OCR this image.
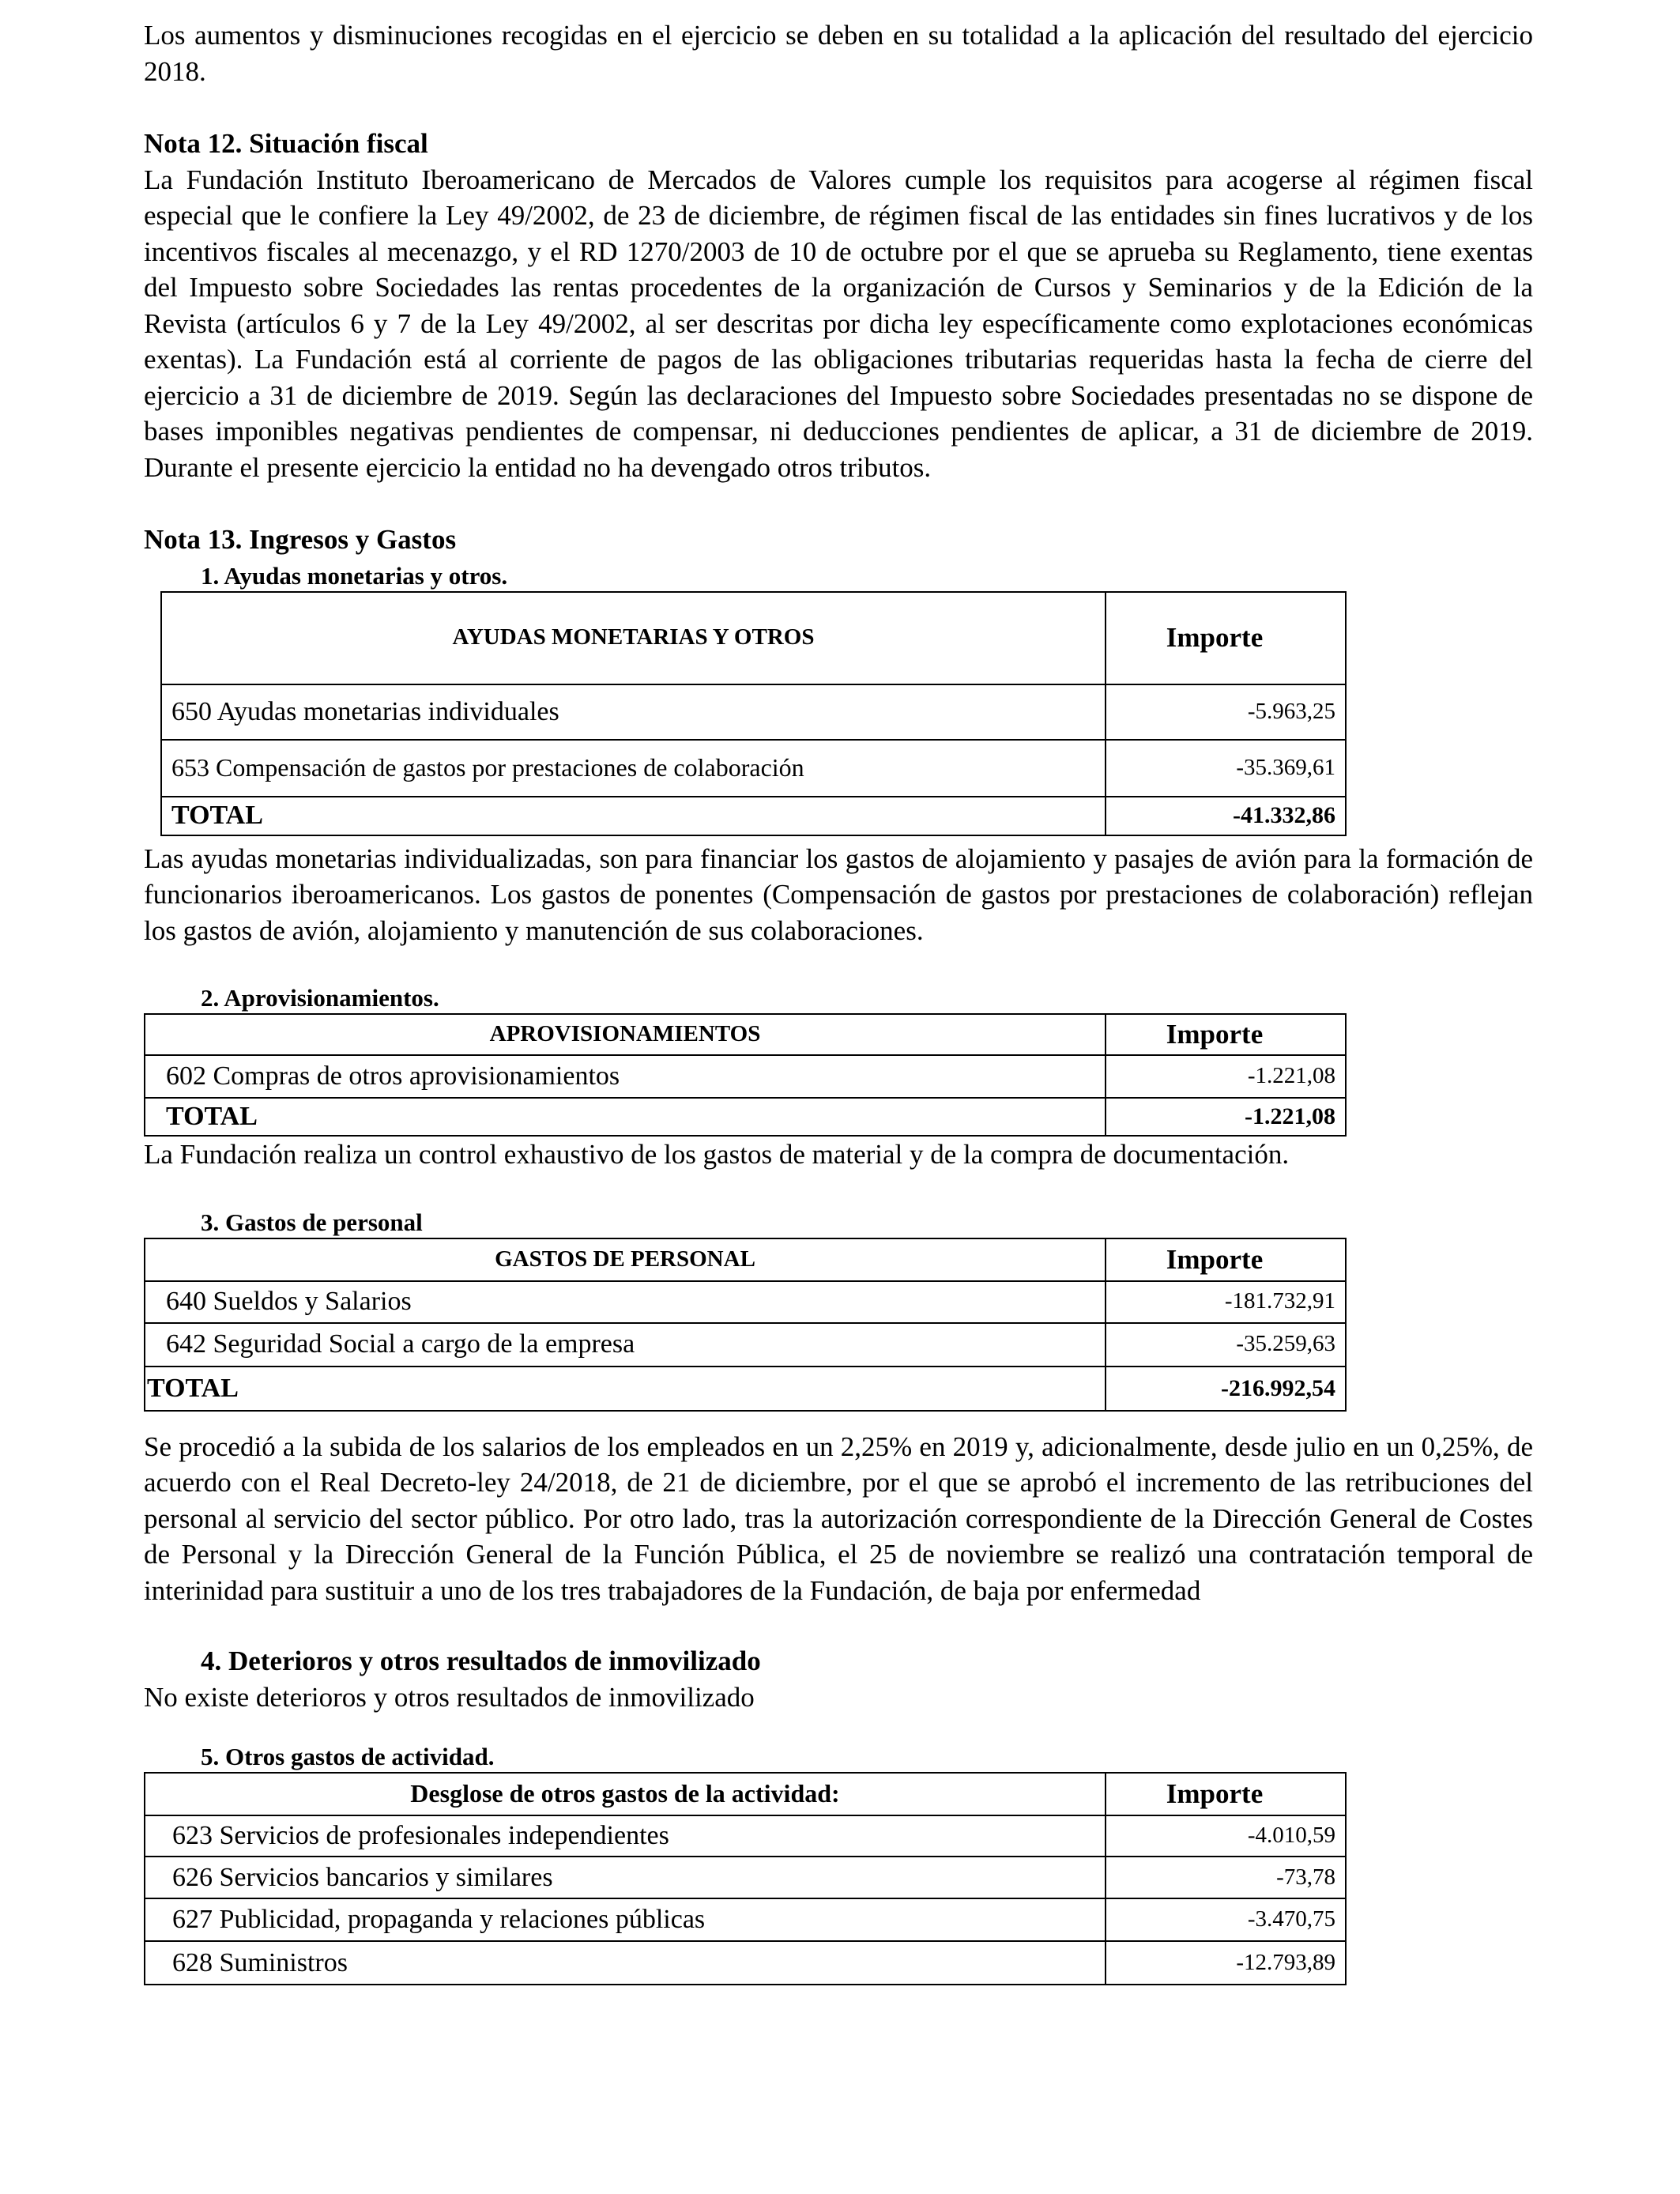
Los aumentos y disminuciones recogidas en el ejercicio se deben en su totalidad a la aplicación del resultado del ejercicio 2018.

Nota 12. Situación fiscal

La Fundación Instituto Iberoamericano de Mercados de Valores cumple los requisitos para acogerse al régimen fiscal especial que le confiere la Ley 49/2002, de 23 de diciembre, de régimen fiscal de las entidades sin fines lucrativos y de los incentivos fiscales al mecenazgo, y el RD 1270/2003 de 10 de octubre por el que se aprueba su Reglamento, tiene exentas del Impuesto sobre Sociedades las rentas procedentes de la organización de Cursos y Seminarios y de la Edición de la Revista (artículos 6 y 7 de la Ley 49/2002, al ser descritas por dicha ley específicamente como explotaciones económicas exentas). La Fundación está al corriente de pagos de las obligaciones tributarias requeridas hasta la fecha de cierre del ejercicio a 31 de diciembre de 2019. Según las declaraciones del Impuesto sobre Sociedades presentadas no se dispone de bases imponibles negativas pendientes de compensar, ni deducciones pendientes de aplicar, a 31 de diciembre de 2019. Durante el presente ejercicio la entidad no ha devengado otros tributos.

Nota 13. Ingresos y Gastos

1. Ayudas monetarias y otros.
AYUDAS MONETARIAS Y OTROS	Importe
650 Ayudas monetarias individuales	-5.963,25
653 Compensación de gastos por prestaciones de colaboración	-35.369,61
TOTAL	-41.332,86

Las ayudas monetarias individualizadas, son para financiar los gastos de alojamiento y pasajes de avión para la formación de funcionarios iberoamericanos. Los gastos de ponentes (Compensación de gastos por prestaciones de colaboración) reflejan los gastos de avión, alojamiento y manutención de sus colaboraciones.

2. Aprovisionamientos.
APROVISIONAMIENTOS	Importe
602 Compras de otros aprovisionamientos	-1.221,08
TOTAL	-1.221,08

La Fundación realiza un control exhaustivo de los gastos de material y de la compra de documentación.

3. Gastos de personal
GASTOS DE PERSONAL	Importe
640 Sueldos y Salarios	-181.732,91
642 Seguridad Social a cargo de la empresa	-35.259,63
TOTAL	-216.992,54

Se procedió a la subida de los salarios de los empleados en un 2,25% en 2019 y, adicionalmente, desde julio en un 0,25%, de acuerdo con el Real Decreto-ley 24/2018, de 21 de diciembre, por el que se aprobó el incremento de las retribuciones del personal al servicio del sector público. Por otro lado, tras la autorización correspondiente de la Dirección General de Costes de Personal y la Dirección General de la Función Pública, el 25 de noviembre se realizó una contratación temporal de interinidad para sustituir a uno de los tres trabajadores de la Fundación, de baja por enfermedad

4. Deterioros y otros resultados de inmovilizado

No existe deterioros y otros resultados de inmovilizado

5. Otros gastos de actividad.
Desglose de otros gastos de la actividad:	Importe
623 Servicios de profesionales independientes	-4.010,59
626 Servicios bancarios y similares	-73,78
627 Publicidad, propaganda y relaciones públicas	-3.470,75
628 Suministros	-12.793,89
